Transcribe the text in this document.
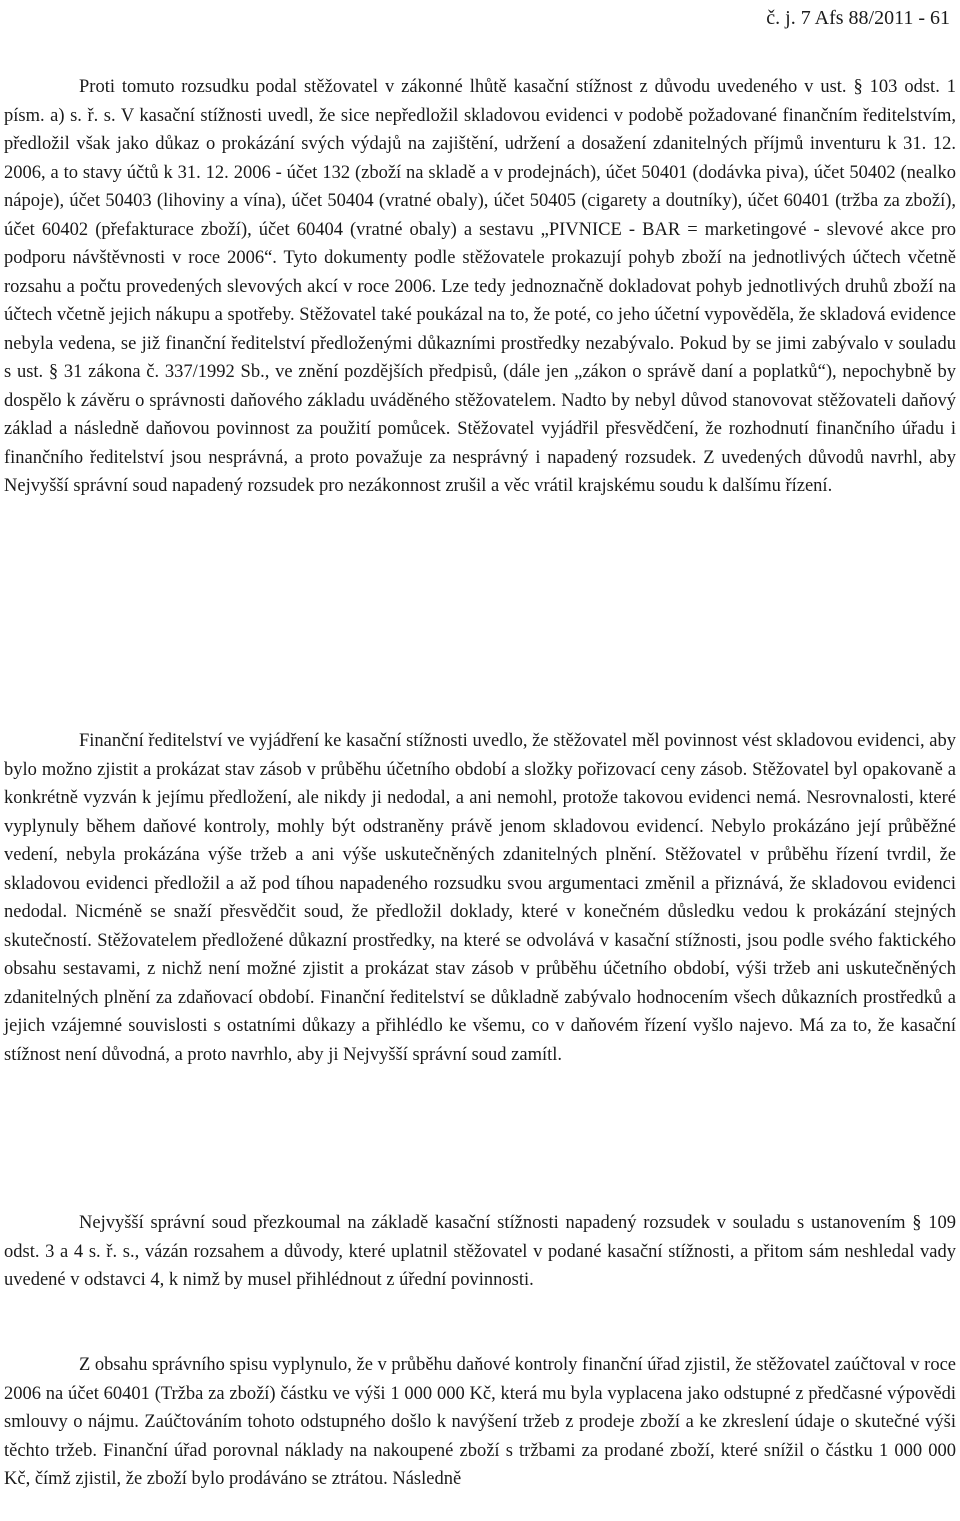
č. j. 7 Afs 88/2011 - 61
Proti tomuto rozsudku podal stěžovatel v zákonné lhůtě kasační stížnost z důvodu uvedeného v ust. § 103 odst. 1 písm. a) s. ř. s. V kasační stížnosti uvedl, že sice nepředložil skladovou evidenci v podobě požadované finančním ředitelstvím, předložil však jako důkaz o prokázání svých výdajů na zajištění, udržení a dosažení zdanitelných příjmů inventuru k 31. 12. 2006, a to stavy účtů k 31. 12. 2006 - účet 132 (zboží na skladě a v prodejnách), účet 50401 (dodávka piva), účet 50402 (nealko nápoje), účet 50403 (lihoviny a vína), účet 50404 (vratné obaly), účet 50405 (cigarety a doutníky), účet 60401 (tržba za zboží), účet 60402 (přefakturace zboží), účet 60404 (vratné obaly) a sestavu „PIVNICE - BAR = marketingové - slevové akce pro podporu návštěvnosti v roce 2006“. Tyto dokumenty podle stěžovatele prokazují pohyb zboží na jednotlivých účtech včetně rozsahu a počtu provedených slevových akcí v roce 2006. Lze tedy jednoznačně dokladovat pohyb jednotlivých druhů zboží na účtech včetně jejich nákupu a spotřeby. Stěžovatel také poukázal na to, že poté, co jeho účetní vypověděla, že skladová evidence nebyla vedena, se již finanční ředitelství předloženými důkazními prostředky nezabývalo. Pokud by se jimi zabývalo v souladu s ust. § 31 zákona č. 337/1992 Sb., ve znění pozdějších předpisů, (dále jen „zákon o správě daní a poplatků“), nepochybně by dospělo k závěru o správnosti daňového základu uváděného stěžovatelem. Nadto by nebyl důvod stanovovat stěžovateli daňový základ a následně daňovou povinnost za použití pomůcek. Stěžovatel vyjádřil přesvědčení, že rozhodnutí finančního úřadu i finančního ředitelství jsou nesprávná, a proto považuje za nesprávný i napadený rozsudek. Z uvedených důvodů navrhl, aby Nejvyšší správní soud napadený rozsudek pro nezákonnost zrušil a věc vrátil krajskému soudu k dalšímu řízení.
Finanční ředitelství ve vyjádření ke kasační stížnosti uvedlo, že stěžovatel měl povinnost vést skladovou evidenci, aby bylo možno zjistit a prokázat stav zásob v průběhu účetního období a složky pořizovací ceny zásob. Stěžovatel byl opakovaně a konkrétně vyzván k jejímu předložení, ale nikdy ji nedodal, a ani nemohl, protože takovou evidenci nemá. Nesrovnalosti, které vyplynuly během daňové kontroly, mohly být odstraněny právě jenom skladovou evidencí. Nebylo prokázáno její průběžné vedení, nebyla prokázána výše tržeb a ani výše uskutečněných zdanitelných plnění. Stěžovatel v průběhu řízení tvrdil, že skladovou evidenci předložil a až pod tíhou napadeného rozsudku svou argumentaci změnil a přiznává, že skladovou evidenci nedodal. Nicméně se snaží přesvědčit soud, že předložil doklady, které v konečném důsledku vedou k prokázání stejných skutečností. Stěžovatelem předložené důkazní prostředky, na které se odvolává v kasační stížnosti, jsou podle svého faktického obsahu sestavami, z nichž není možné zjistit a prokázat stav zásob v průběhu účetního období, výši tržeb ani uskutečněných zdanitelných plnění za zdaňovací období. Finanční ředitelství se důkladně zabývalo hodnocením všech důkazních prostředků a jejich vzájemné souvislosti s ostatními důkazy a přihlédlo ke všemu, co v daňovém řízení vyšlo najevo. Má za to, že kasační stížnost není důvodná, a proto navrhlo, aby ji Nejvyšší správní soud zamítl.
Nejvyšší správní soud přezkoumal na základě kasační stížnosti napadený rozsudek v souladu s ustanovením § 109 odst. 3 a 4 s. ř. s., vázán rozsahem a důvody, které uplatnil stěžovatel v podané kasační stížnosti, a přitom sám neshledal vady uvedené v odstavci 4, k nimž by musel přihlédnout z úřední povinnosti.
Z obsahu správního spisu vyplynulo, že v průběhu daňové kontroly finanční úřad zjistil, že stěžovatel zaúčtoval v roce 2006 na účet 60401 (Tržba za zboží) částku ve výši 1 000 000 Kč, která mu byla vyplacena jako odstupné z předčasné výpovědi smlouvy o nájmu. Zaúčtováním tohoto odstupného došlo k navýšení tržeb z prodeje zboží a ke zkreslení údaje o skutečné výši těchto tržeb. Finanční úřad porovnal náklady na nakoupené zboží s tržbami za prodané zboží, které snížil o částku 1 000 000 Kč, čímž zjistil, že zboží bylo prodáváno se ztrátou. Následně
